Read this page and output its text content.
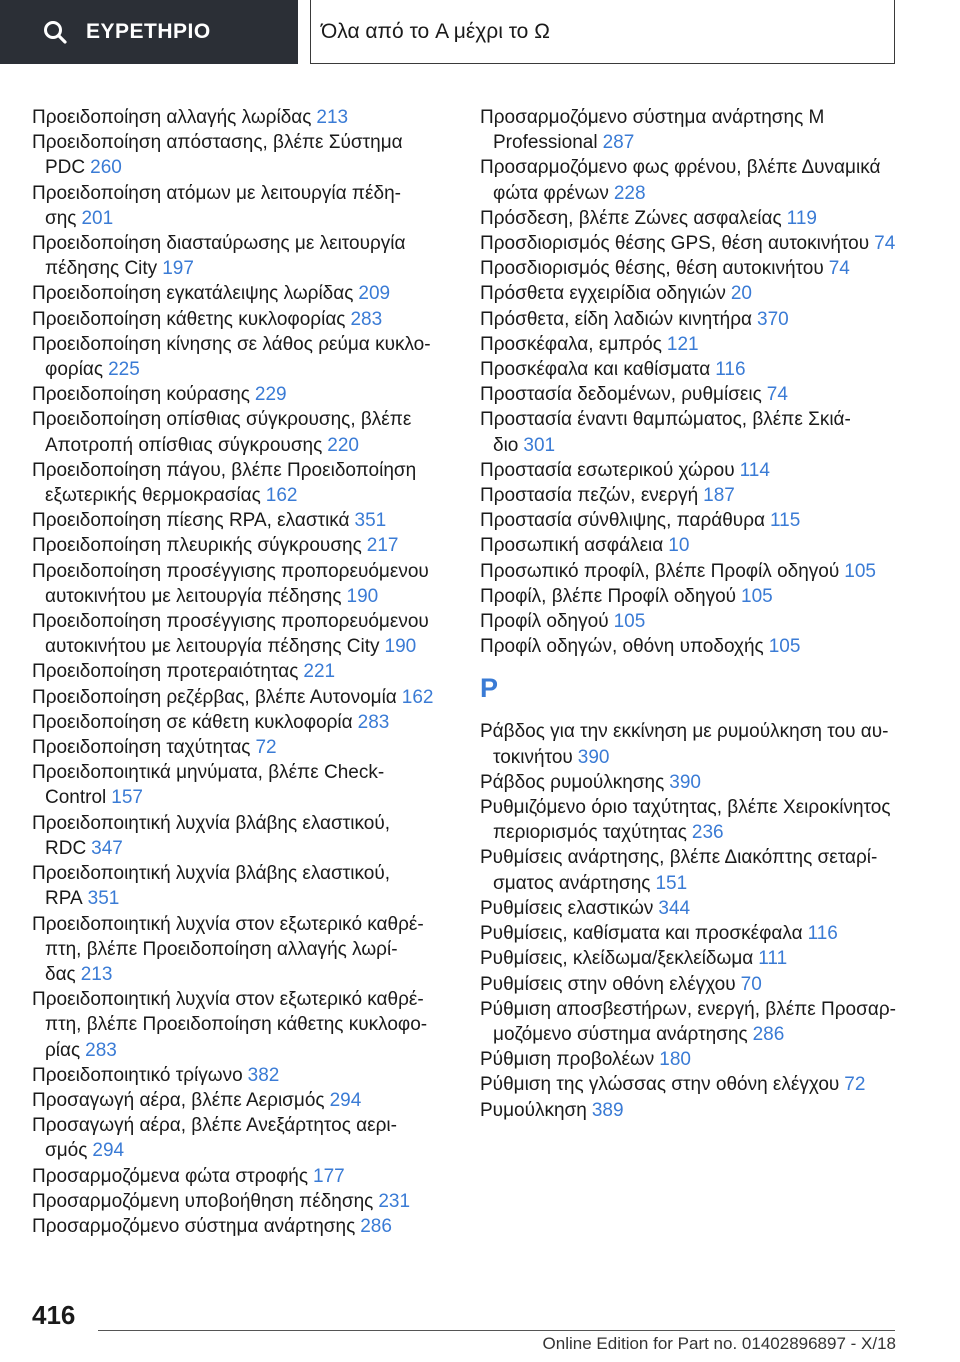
ΕΥΡΕΤΗΡΙΟ	Όλα από το A μέχρι το Ω

Προειδοποίηση αλλαγής λωρίδας 213

Προειδοποίηση απόστασης, βλέπε Σύστημα PDC 260

Προειδοποίηση ατόμων με λειτουργία πέδησης 201

Προειδοποίηση διασταύρωσης με λειτουργία πέδησης City 197

Προειδοποίηση εγκατάλειψης λωρίδας 209

Προειδοποίηση κάθετης κυκλοφορίας 283

Προειδοποίηση κίνησης σε λάθος ρεύμα κυκλοφορίας 225

Προειδοποίηση κούρασης 229

Προειδοποίηση οπίσθιας σύγκρουσης, βλέπε Αποτροπή οπίσθιας σύγκρουσης 220

Προειδοποίηση πάγου, βλέπε Προειδοποίηση εξωτερικής θερμοκρασίας 162

Προειδοποίηση πίεσης RPA, ελαστικά 351

Προειδοποίηση πλευρικής σύγκρουσης 217

Προειδοποίηση προσέγγισης προπορευόμενου αυτοκινήτου με λειτουργία πέδησης 190

Προειδοποίηση προσέγγισης προπορευόμενου αυτοκινήτου με λειτουργία πέδησης City 190

Προειδοποίηση προτεραιότητας 221

Προειδοποίηση ρεζέρβας, βλέπε Αυτονομία 162

Προειδοποίηση σε κάθετη κυκλοφορία 283

Προειδοποίηση ταχύτητας 72

Προειδοποιητικά μηνύματα, βλέπε Check-Control 157

Προειδοποιητική λυχνία βλάβης ελαστικού, RDC 347

Προειδοποιητική λυχνία βλάβης ελαστικού, RPA 351

Προειδοποιητική λυχνία στον εξωτερικό καθρέπτη, βλέπε Προειδοποίηση αλλαγής λωρίδας 213

Προειδοποιητική λυχνία στον εξωτερικό καθρέπτη, βλέπε Προειδοποίηση κάθετης κυκλοφορίας 283

Προειδοποιητικό τρίγωνο 382

Προσαγωγή αέρα, βλέπε Αερισμός 294

Προσαγωγή αέρα, βλέπε Ανεξάρτητος αερισμός 294

Προσαρμοζόμενα φώτα στροφής 177

Προσαρμοζόμενη υποβοήθηση πέδησης 231

Προσαρμοζόμενο σύστημα ανάρτησης 286

Προσαρμοζόμενο σύστημα ανάρτησης M Professional 287

Προσαρμοζόμενο φως φρένου, βλέπε Δυναμικά φώτα φρένων 228

Πρόσδεση, βλέπε Ζώνες ασφαλείας 119

Προσδιορισμός θέσης GPS, θέση αυτοκινήτου 74

Προσδιορισμός θέσης, θέση αυτοκινήτου 74

Πρόσθετα εγχειρίδια οδηγιών 20

Πρόσθετα, είδη λαδιών κινητήρα 370

Προσκέφαλα, εμπρός 121

Προσκέφαλα και καθίσματα 116

Προστασία δεδομένων, ρυθμίσεις 74

Προστασία έναντι θαμπώματος, βλέπε Σκιάδιο 301

Προστασία εσωτερικού χώρου 114

Προστασία πεζών, ενεργή 187

Προστασία σύνθλιψης, παράθυρα 115

Προσωπική ασφάλεια 10

Προσωπικό προφίλ, βλέπε Προφίλ οδηγού 105

Προφίλ, βλέπε Προφίλ οδηγού 105

Προφίλ οδηγού 105

Προφίλ οδηγών, οθόνη υποδοχής 105

Ρ

Ράβδος για την εκκίνηση με ρυμούλκηση του αυτοκινήτου 390

Ράβδος ρυμούλκησης 390

Ρυθμιζόμενο όριο ταχύτητας, βλέπε Χειροκίνητος περιορισμός ταχύτητας 236

Ρυθμίσεις ανάρτησης, βλέπε Διακόπτης σεταρίσματος ανάρτησης 151

Ρυθμίσεις ελαστικών 344

Ρυθμίσεις, καθίσματα και προσκέφαλα 116

Ρυθμίσεις, κλείδωμα/ξεκλείδωμα 111

Ρυθμίσεις στην οθόνη ελέγχου 70

Ρύθμιση αποσβεστήρων, ενεργή, βλέπε Προσαρμοζόμενο σύστημα ανάρτησης 286

Ρύθμιση προβολέων 180

Ρύθμιση της γλώσσας στην οθόνη ελέγχου 72

Ρυμούλκηση 389

416
Online Edition for Part no. 01402896897 - X/18
